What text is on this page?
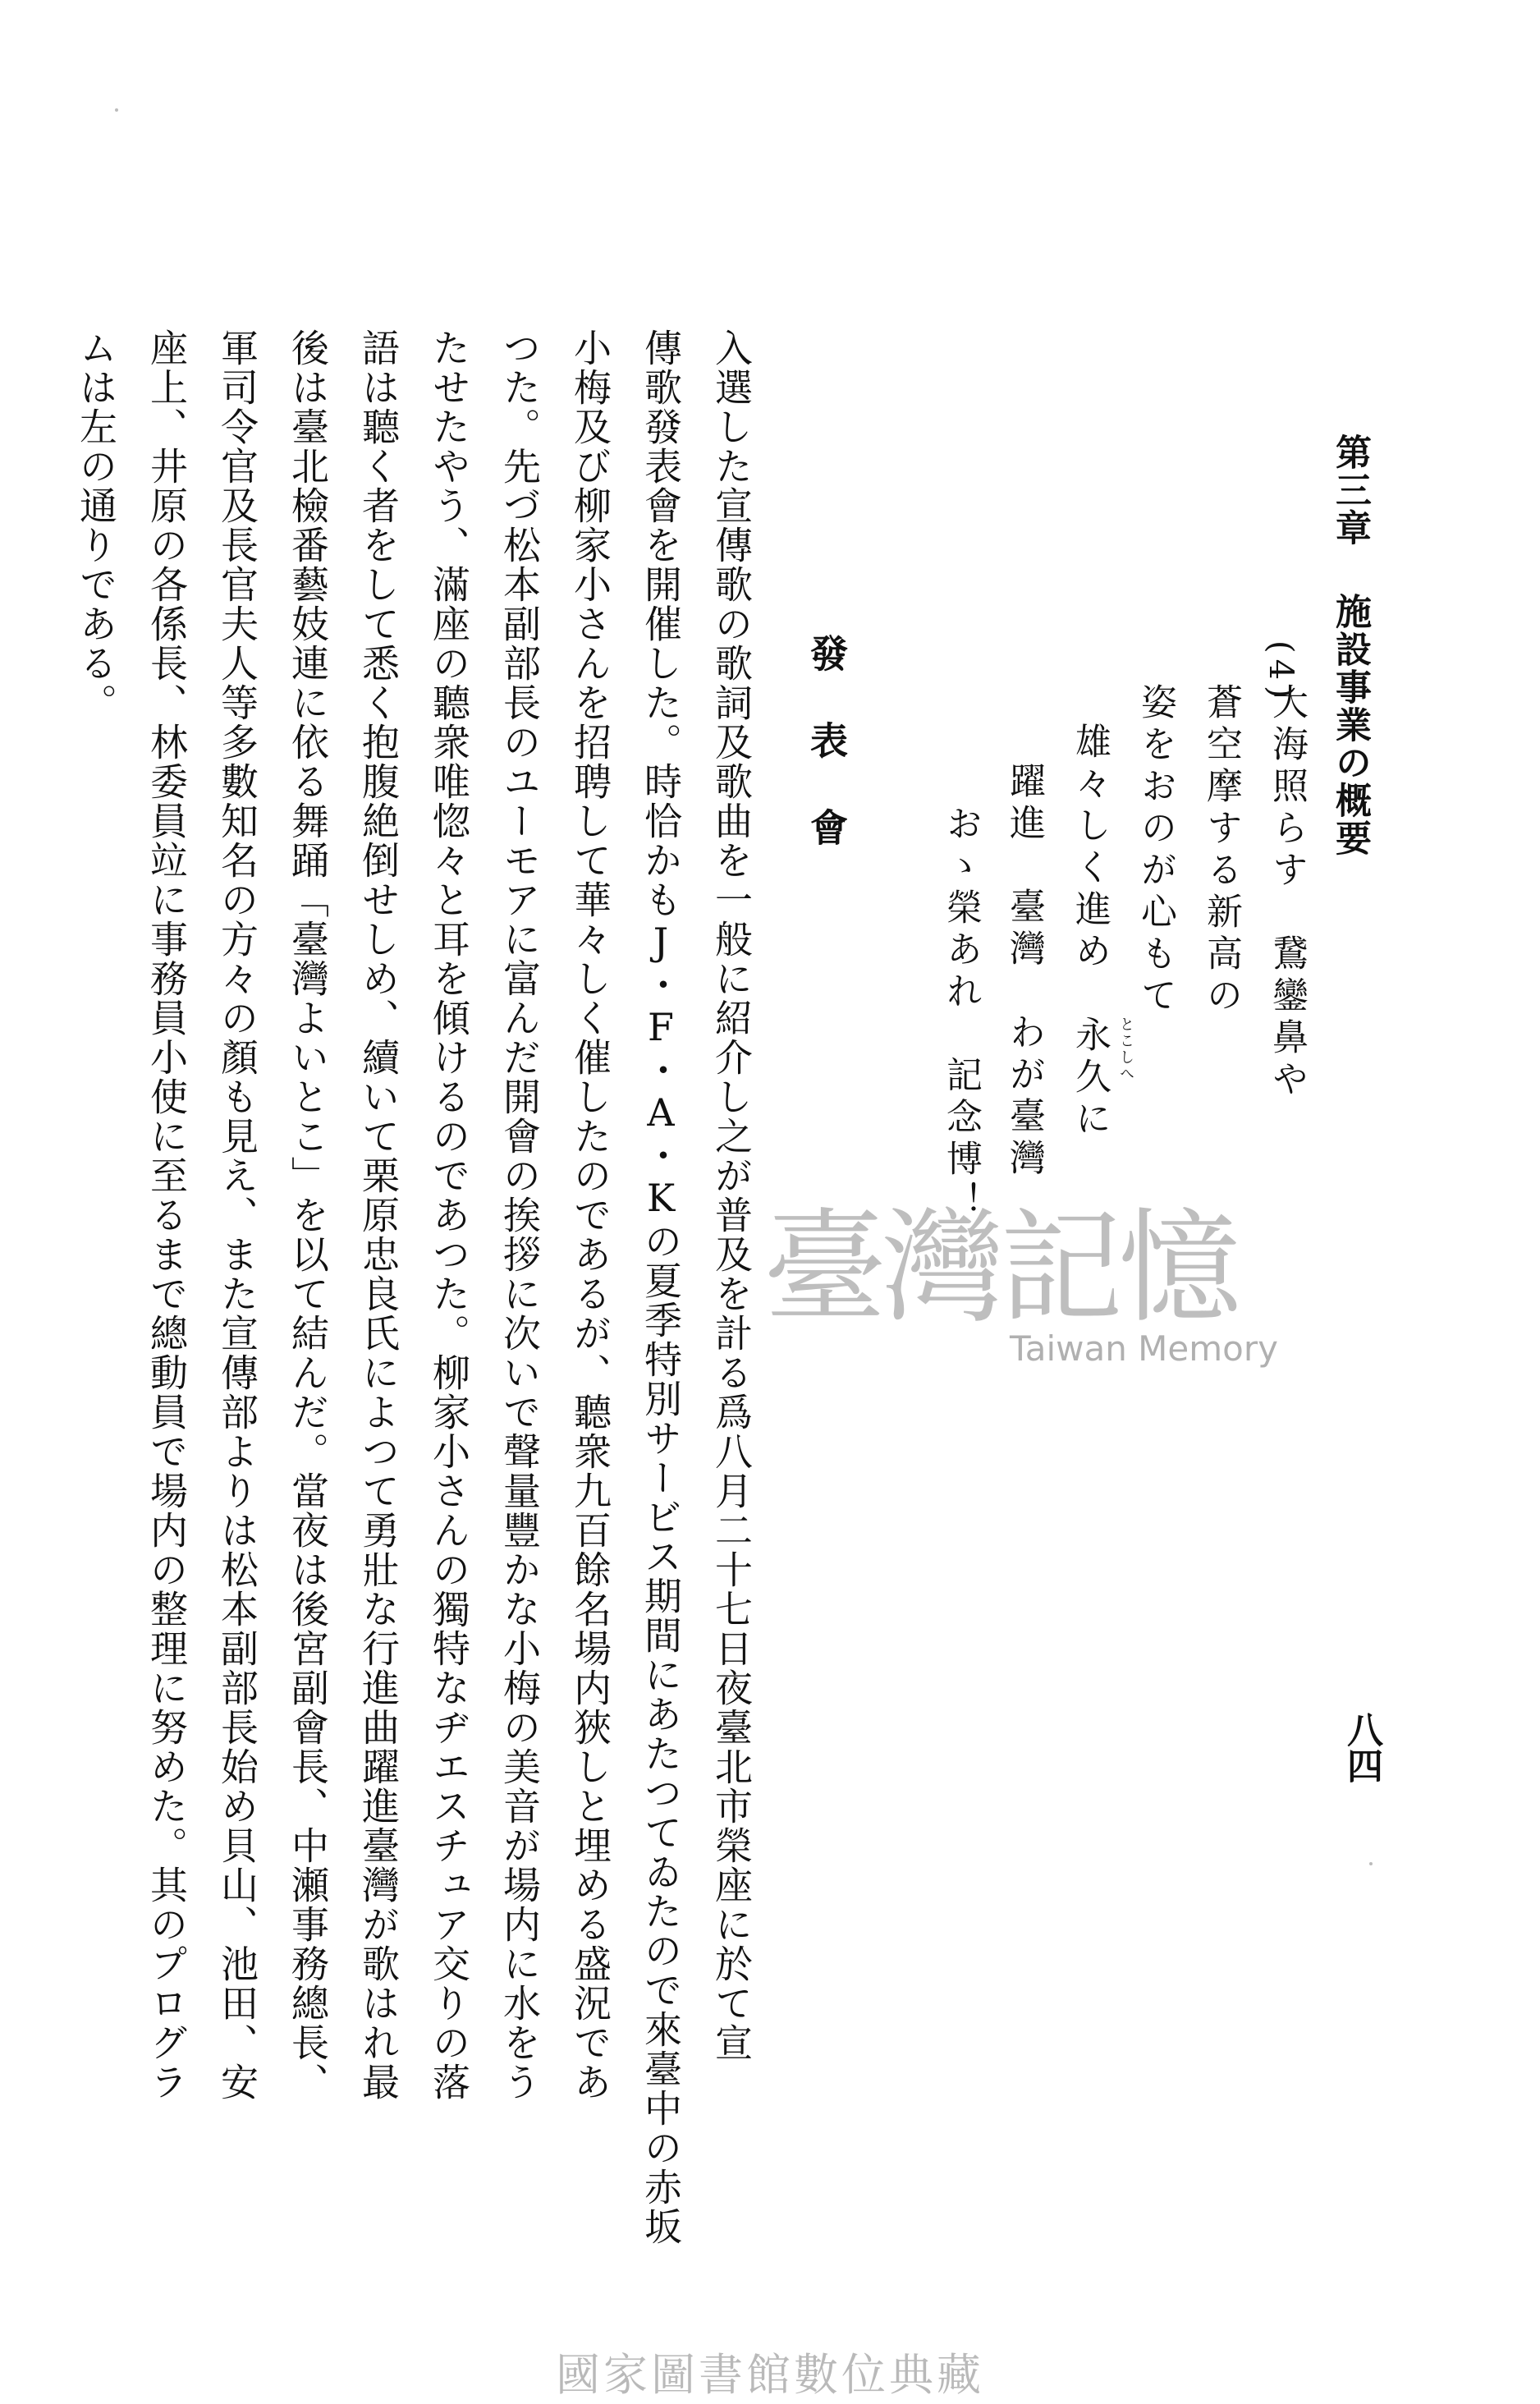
第三章施設事業の概要
八四
(4)
大海照らす　鵞鑾鼻や
蒼空摩する新高の
姿をおのが心もて
雄々しく進め　永久に とこしへ
躍進　臺灣　わが臺灣
おゝ榮あれ　記念博！
發表會
入選した宣傳歌の歌詞及歌曲を一般に紹介し之が普及を計る爲八月二十七日夜臺北市榮座に於て宣
傳歌發表會を開催した。時恰かもJ・F・A・Kの夏季特別サービス期間にあたつてゐたので來臺中の赤坂
小梅及び柳家小さんを招聘して華々しく催したのであるが、聽衆九百餘名場内狹しと埋める盛況であ
つた。先づ松本副部長のユーモアに富んだ開會の挨拶に次いで聲量豐かな小梅の美音が場内に水をう
たせたやう、滿座の聽衆唯惚々と耳を傾けるのであつた。柳家小さんの獨特なヂエスチュア交りの落
語は聽く者をして悉く抱腹絶倒せしめ、續いて栗原忠良氏によつて勇壯な行進曲躍進臺灣が歌はれ最
後は臺北檢番藝妓連に依る舞踊「臺灣よいとこ」を以て結んだ。當夜は後宮副會長、中瀬事務總長、
軍司令官及長官夫人等多數知名の方々の顏も見え、また宣傳部よりは松本副部長始め貝山、池田、安
座上、井原の各係長、林委員竝に事務員小使に至るまで總動員で場内の整理に努めた。其のプログラ
ムは左の通りである。
臺灣記憶
Taiwan Memory
國家圖書館數位典藏
